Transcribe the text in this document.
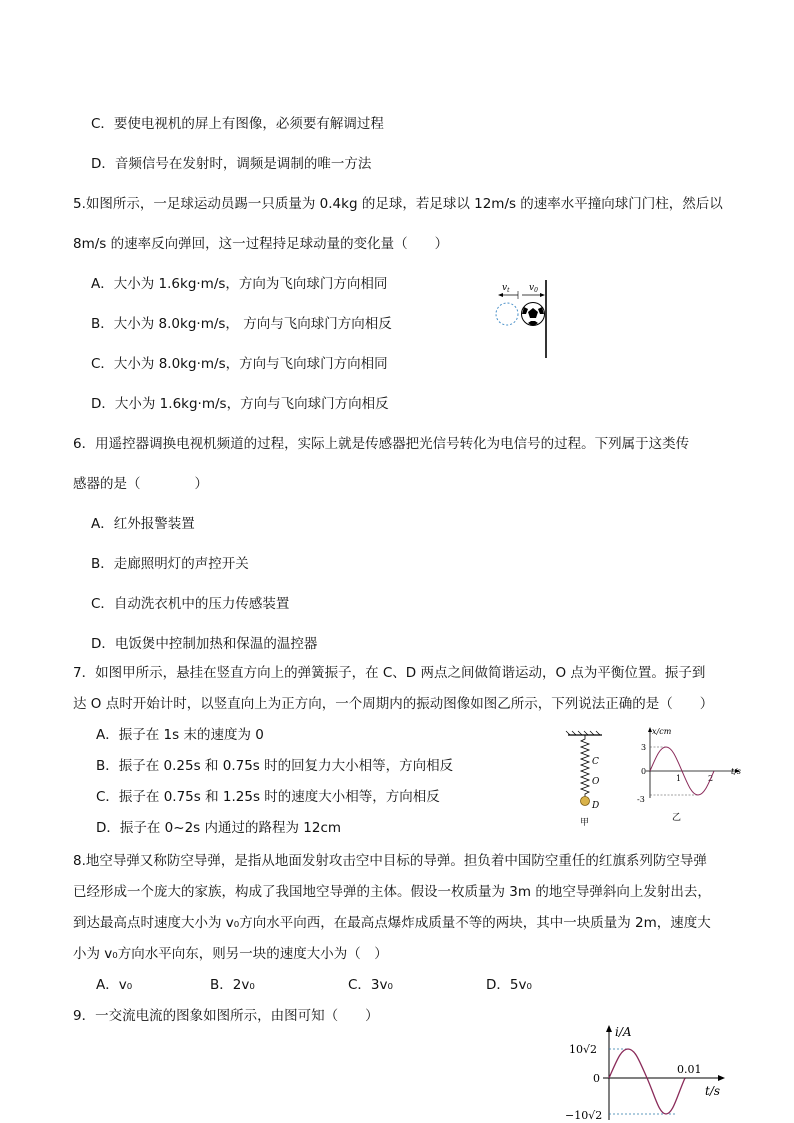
C．要使电视机的屏上有图像，必须要有解调过程
D．音频信号在发射时，调频是调制的唯一方法
5.如图所示，一足球运动员踢一只质量为 0.4kg 的足球，若足球以 12m/s 的速率水平撞向球门门柱，然后以
8m/s 的速率反向弹回，这一过程持足球动量的变化量（　　）
A．大小为 1.6kg·m/s，方向为飞向球门方向相同
B．大小为 8.0kg·m/s， 方向与飞向球门方向相反
C．大小为 8.0kg·m/s，方向与飞向球门方向相同
D．大小为 1.6kg·m/s，方向与飞向球门方向相反
$v_t$ $v_0$
6．用遥控器调换电视机频道的过程，实际上就是传感器把光信号转化为电信号的过程。下列属于这类传
感器的是（　　　　）
A．红外报警装置
B．走廊照明灯的声控开关
C．自动洗衣机中的压力传感装置
D．电饭煲中控制加热和保温的温控器
7．如图甲所示，悬挂在竖直方向上的弹簧振子，在 C、D 两点之间做简谐运动，O 点为平衡位置。振子到
达 O 点时开始计时，以竖直向上为正方向，一个周期内的振动图像如图乙所示，下列说法正确的是（　　）
A．振子在 1s 末的速度为 0
B．振子在 0.25s 和 0.75s 时的回复力大小相等，方向相反
C．振子在 0.75s 和 1.25s 时的速度大小相等，方向相反
D．振子在 0~2s 内通过的路程为 12cm
C
O
D
甲
x/cm
t/s
3
0
-3
1	2
乙
8.地空导弹又称防空导弹，是指从地面发射攻击空中目标的导弹。担负着中国防空重任的红旗系列防空导弹
已经形成一个庞大的家族，构成了我国地空导弹的主体。假设一枚质量为 3m 的地空导弹斜向上发射出去，
到达最高点时速度大小为 v₀方向水平向西，在最高点爆炸成质量不等的两块，其中一块质量为 2m，速度大
小为 v₀方向水平向东，则另一块的速度大小为（　）
A．v₀	B．2v₀	C．3v₀	D．5v₀
9．一交流电流的图象如图所示，由图可知（　　）
i/A
t/s
10√2
0
−10√2
0.01
